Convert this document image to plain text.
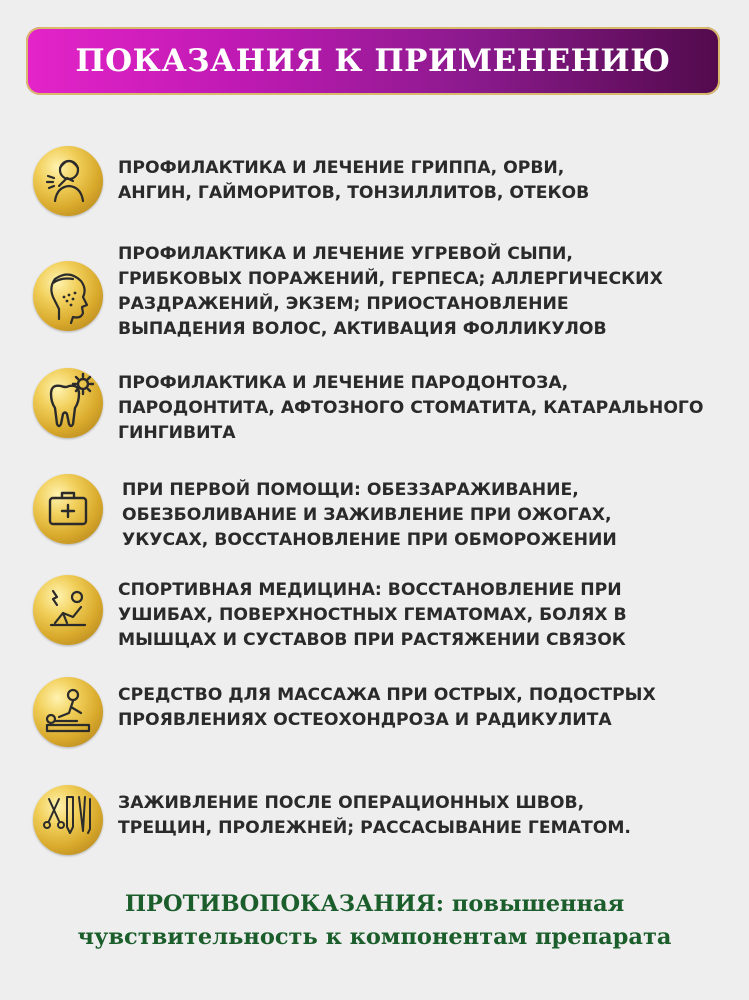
ПОКАЗАНИЯ К ПРИМЕНЕНИЮ
ПРОФИЛАКТИКА И ЛЕЧЕНИЕ ГРИППА, ОРВИ,
АНГИН, ГАЙМОРИТОВ, ТОНЗИЛЛИТОВ, ОТЕКОВ
ПРОФИЛАКТИКА И ЛЕЧЕНИЕ УГРЕВОЙ СЫПИ,
ГРИБКОВЫХ ПОРАЖЕНИЙ, ГЕРПЕСА; АЛЛЕРГИЧЕСКИХ
РАЗДРАЖЕНИЙ, ЭКЗЕМ; ПРИОСТАНОВЛЕНИЕ
ВЫПАДЕНИЯ ВОЛОС, АКТИВАЦИЯ ФОЛЛИКУЛОВ
ПРОФИЛАКТИКА И ЛЕЧЕНИЕ ПАРОДОНТОЗА,
ПАРОДОНТИТА, АФТОЗНОГО СТОМАТИТА, КАТАРАЛЬНОГО
ГИНГИВИТА
ПРИ ПЕРВОЙ ПОМОЩИ: ОБЕЗЗАРАЖИВАНИЕ,
ОБЕЗБОЛИВАНИЕ И ЗАЖИВЛЕНИЕ ПРИ ОЖОГАХ,
УКУСАХ, ВОССТАНОВЛЕНИЕ ПРИ ОБМОРОЖЕНИИ
СПОРТИВНАЯ МЕДИЦИНА: ВОССТАНОВЛЕНИЕ ПРИ
УШИБАХ, ПОВЕРХНОСТНЫХ ГЕМАТОМАХ, БОЛЯХ В
МЫШЦАХ И СУСТАВОВ ПРИ РАСТЯЖЕНИИ СВЯЗОК
СРЕДСТВО ДЛЯ МАССАЖА ПРИ ОСТРЫХ, ПОДОСТРЫХ
ПРОЯВЛЕНИЯХ ОСТЕОХОНДРОЗА И РАДИКУЛИТА
ЗАЖИВЛЕНИЕ ПОСЛЕ ОПЕРАЦИОННЫХ ШВОВ,
ТРЕЩИН, ПРОЛЕЖНЕЙ; РАССАСЫВАНИЕ ГЕМАТОМ.
ПРОТИВОПОКАЗАНИЯ: повышенная
чувствительность к компонентам препарата
